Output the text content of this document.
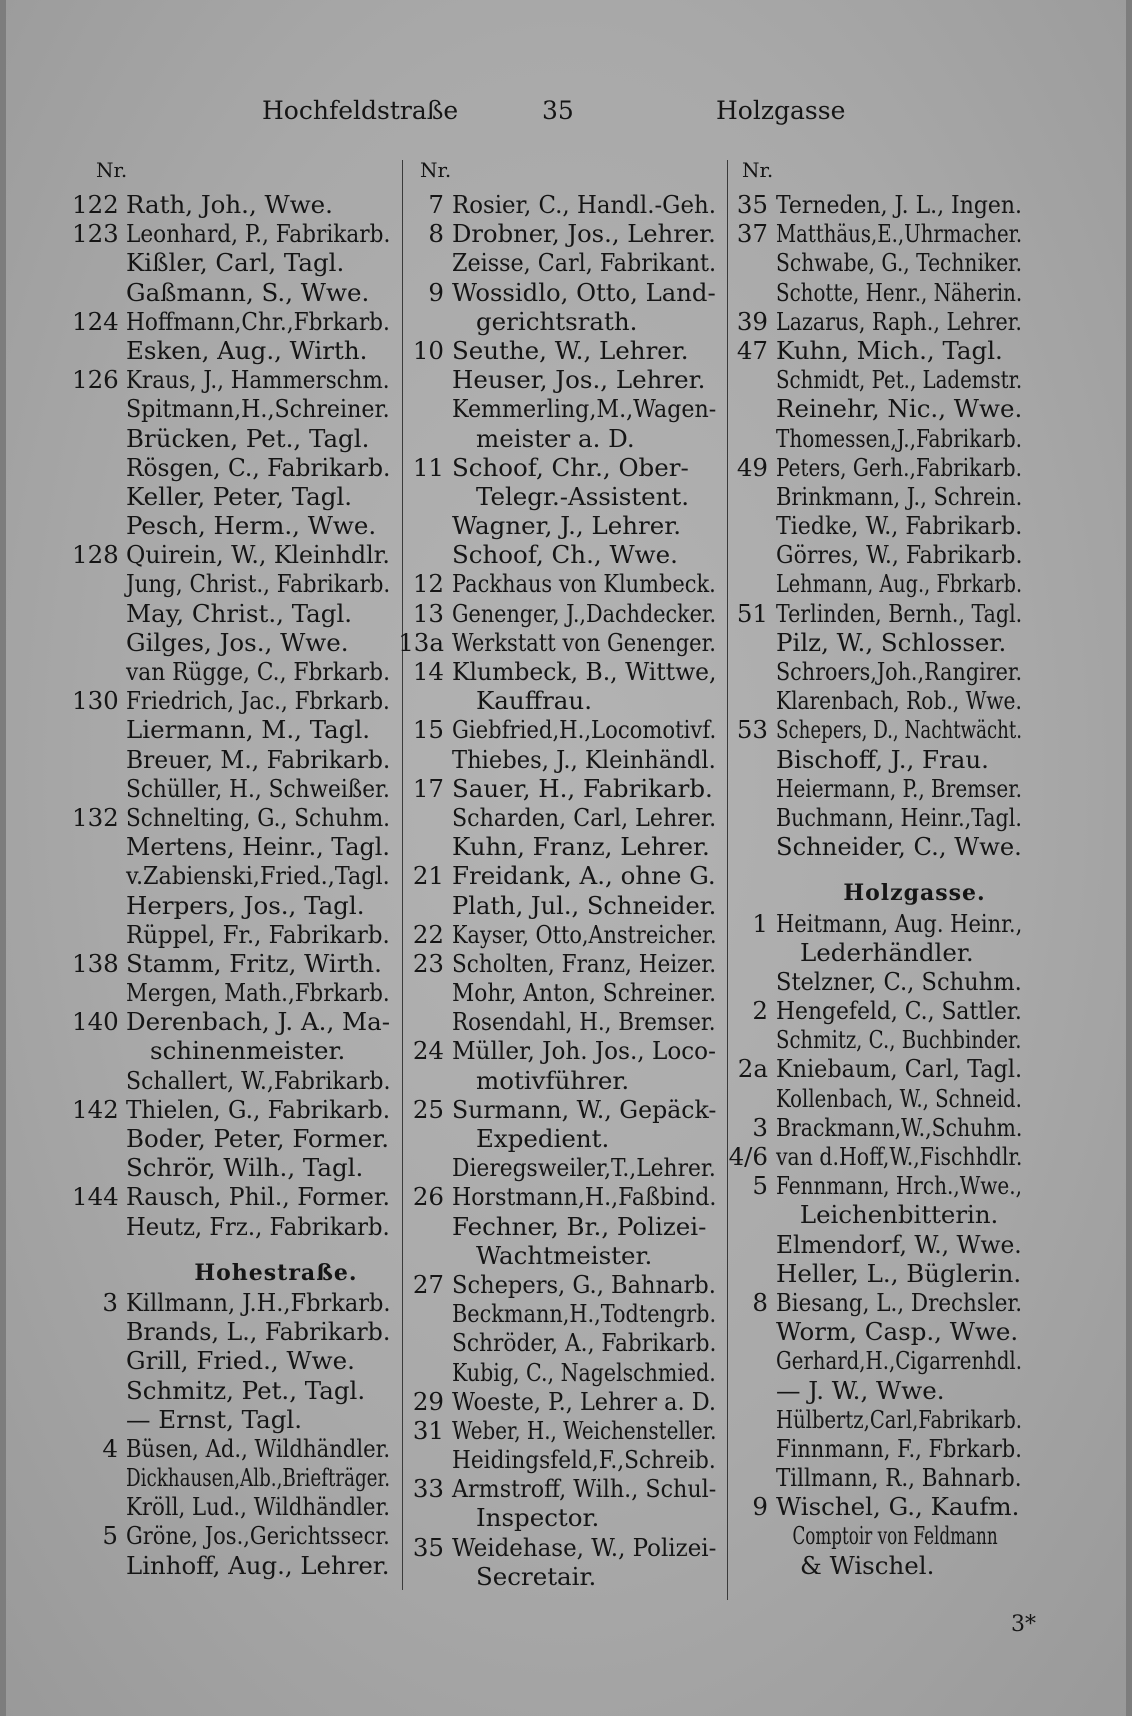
Hochfeldstraße	35	Holzgasse
Nr.	Nr.	Nr.
122 Rath, Joh., Wwe.
123 Leonhard, P., Fabrikarb.
Kißler, Carl, Tagl.
Gaßmann, S., Wwe.
124 Hoffmann,Chr.,Fbrkarb.
Esken, Aug., Wirth.
126 Kraus, J., Hammerschm.
Spitmann,H.,Schreiner.
Brücken, Pet., Tagl.
Rösgen, C., Fabrikarb.
Keller, Peter, Tagl.
Pesch, Herm., Wwe.
128 Quirein, W., Kleinhdlr.
Jung, Christ., Fabrikarb.
May, Christ., Tagl.
Gilges, Jos., Wwe.
van Rügge, C., Fbrkarb.
130 Friedrich, Jac., Fbrkarb.
Liermann, M., Tagl.
Breuer, M., Fabrikarb.
Schüller, H., Schweißer.
132 Schnelting, G., Schuhm.
Mertens, Heinr., Tagl.
v.Zabienski,Fried.,Tagl.
Herpers, Jos., Tagl.
Rüppel, Fr., Fabrikarb.
138 Stamm, Fritz, Wirth.
Mergen, Math.,Fbrkarb.
140 Derenbach, J. A., Ma-
schinenmeister.
Schallert, W.,Fabrikarb.
142 Thielen, G., Fabrikarb.
Boder, Peter, Former.
Schrör, Wilh., Tagl.
144 Rausch, Phil., Former.
Heutz, Frz., Fabrikarb.
Hohestraße.
3 Killmann, J.H.,Fbrkarb.
Brands, L., Fabrikarb.
Grill, Fried., Wwe.
Schmitz, Pet., Tagl.
— Ernst, Tagl.
4 Büsen, Ad., Wildhändler.
Dickhausen,Alb.,Briefträger.
Kröll, Lud., Wildhändler.
5 Gröne, Jos.,Gerichtssecr.
Linhoff, Aug., Lehrer.
7 Rosier, C., Handl.-Geh.
8 Drobner, Jos., Lehrer.
Zeisse, Carl, Fabrikant.
9 Wossidlo, Otto, Land-
gerichtsrath.
10 Seuthe, W., Lehrer.
Heuser, Jos., Lehrer.
Kemmerling,M.,Wagen-
meister a. D.
11 Schoof, Chr., Ober-
Telegr.-Assistent.
Wagner, J., Lehrer.
Schoof, Ch., Wwe.
12 Packhaus von Klumbeck.
13 Genenger, J.,Dachdecker.
13a Werkstatt von Genenger.
14 Klumbeck, B., Wittwe,
Kauffrau.
15 Giebfried,H.,Locomotivf.
Thiebes, J., Kleinhändl.
17 Sauer, H., Fabrikarb.
Scharden, Carl, Lehrer.
Kuhn, Franz, Lehrer.
21 Freidank, A., ohne G.
Plath, Jul., Schneider.
22 Kayser, Otto,Anstreicher.
23 Scholten, Franz, Heizer.
Mohr, Anton, Schreiner.
Rosendahl, H., Bremser.
24 Müller, Joh. Jos., Loco-
motivführer.
25 Surmann, W., Gepäck-
Expedient.
Dieregsweiler,T.,Lehrer.
26 Horstmann,H.,Faßbind.
Fechner, Br., Polizei-
Wachtmeister.
27 Schepers, G., Bahnarb.
Beckmann,H.,Todtengrb.
Schröder, A., Fabrikarb.
Kubig, C., Nagelschmied.
29 Woeste, P., Lehrer a. D.
31 Weber, H., Weichensteller.
Heidingsfeld,F.,Schreib.
33 Armstroff, Wilh., Schul-
Inspector.
35 Weidehase, W., Polizei-
Secretair.
35 Terneden, J. L., Ingen.
37 Matthäus,E.,Uhrmacher.
Schwabe, G., Techniker.
Schotte, Henr., Näherin.
39 Lazarus, Raph., Lehrer.
47 Kuhn, Mich., Tagl.
Schmidt, Pet., Lademstr.
Reinehr, Nic., Wwe.
Thomessen,J.,Fabrikarb.
49 Peters, Gerh.,Fabrikarb.
Brinkmann, J., Schrein.
Tiedke, W., Fabrikarb.
Görres, W., Fabrikarb.
Lehmann, Aug., Fbrkarb.
51 Terlinden, Bernh., Tagl.
Pilz, W., Schlosser.
Schroers,Joh.,Rangirer.
Klarenbach, Rob., Wwe.
53 Schepers, D., Nachtwächt.
Bischoff, J., Frau.
Heiermann, P., Bremser.
Buchmann, Heinr.,Tagl.
Schneider, C., Wwe.
Holzgasse.
1 Heitmann, Aug. Heinr.,
Lederhändler.
Stelzner, C., Schuhm.
2 Hengefeld, C., Sattler.
Schmitz, C., Buchbinder.
2a Kniebaum, Carl, Tagl.
Kollenbach, W., Schneid.
3 Brackmann,W.,Schuhm.
4/6 van d.Hoff,W.,Fischhdlr.
5 Fennmann, Hrch.,Wwe.,
Leichenbitterin.
Elmendorf, W., Wwe.
Heller, L., Büglerin.
8 Biesang, L., Drechsler.
Worm, Casp., Wwe.
Gerhard,H.,Cigarrenhdl.
— J. W., Wwe.
Hülbertz,Carl,Fabrikarb.
Finnmann, F., Fbrkarb.
Tillmann, R., Bahnarb.
9 Wischel, G., Kaufm.
Comptoir von Feldmann
& Wischel.
3*
